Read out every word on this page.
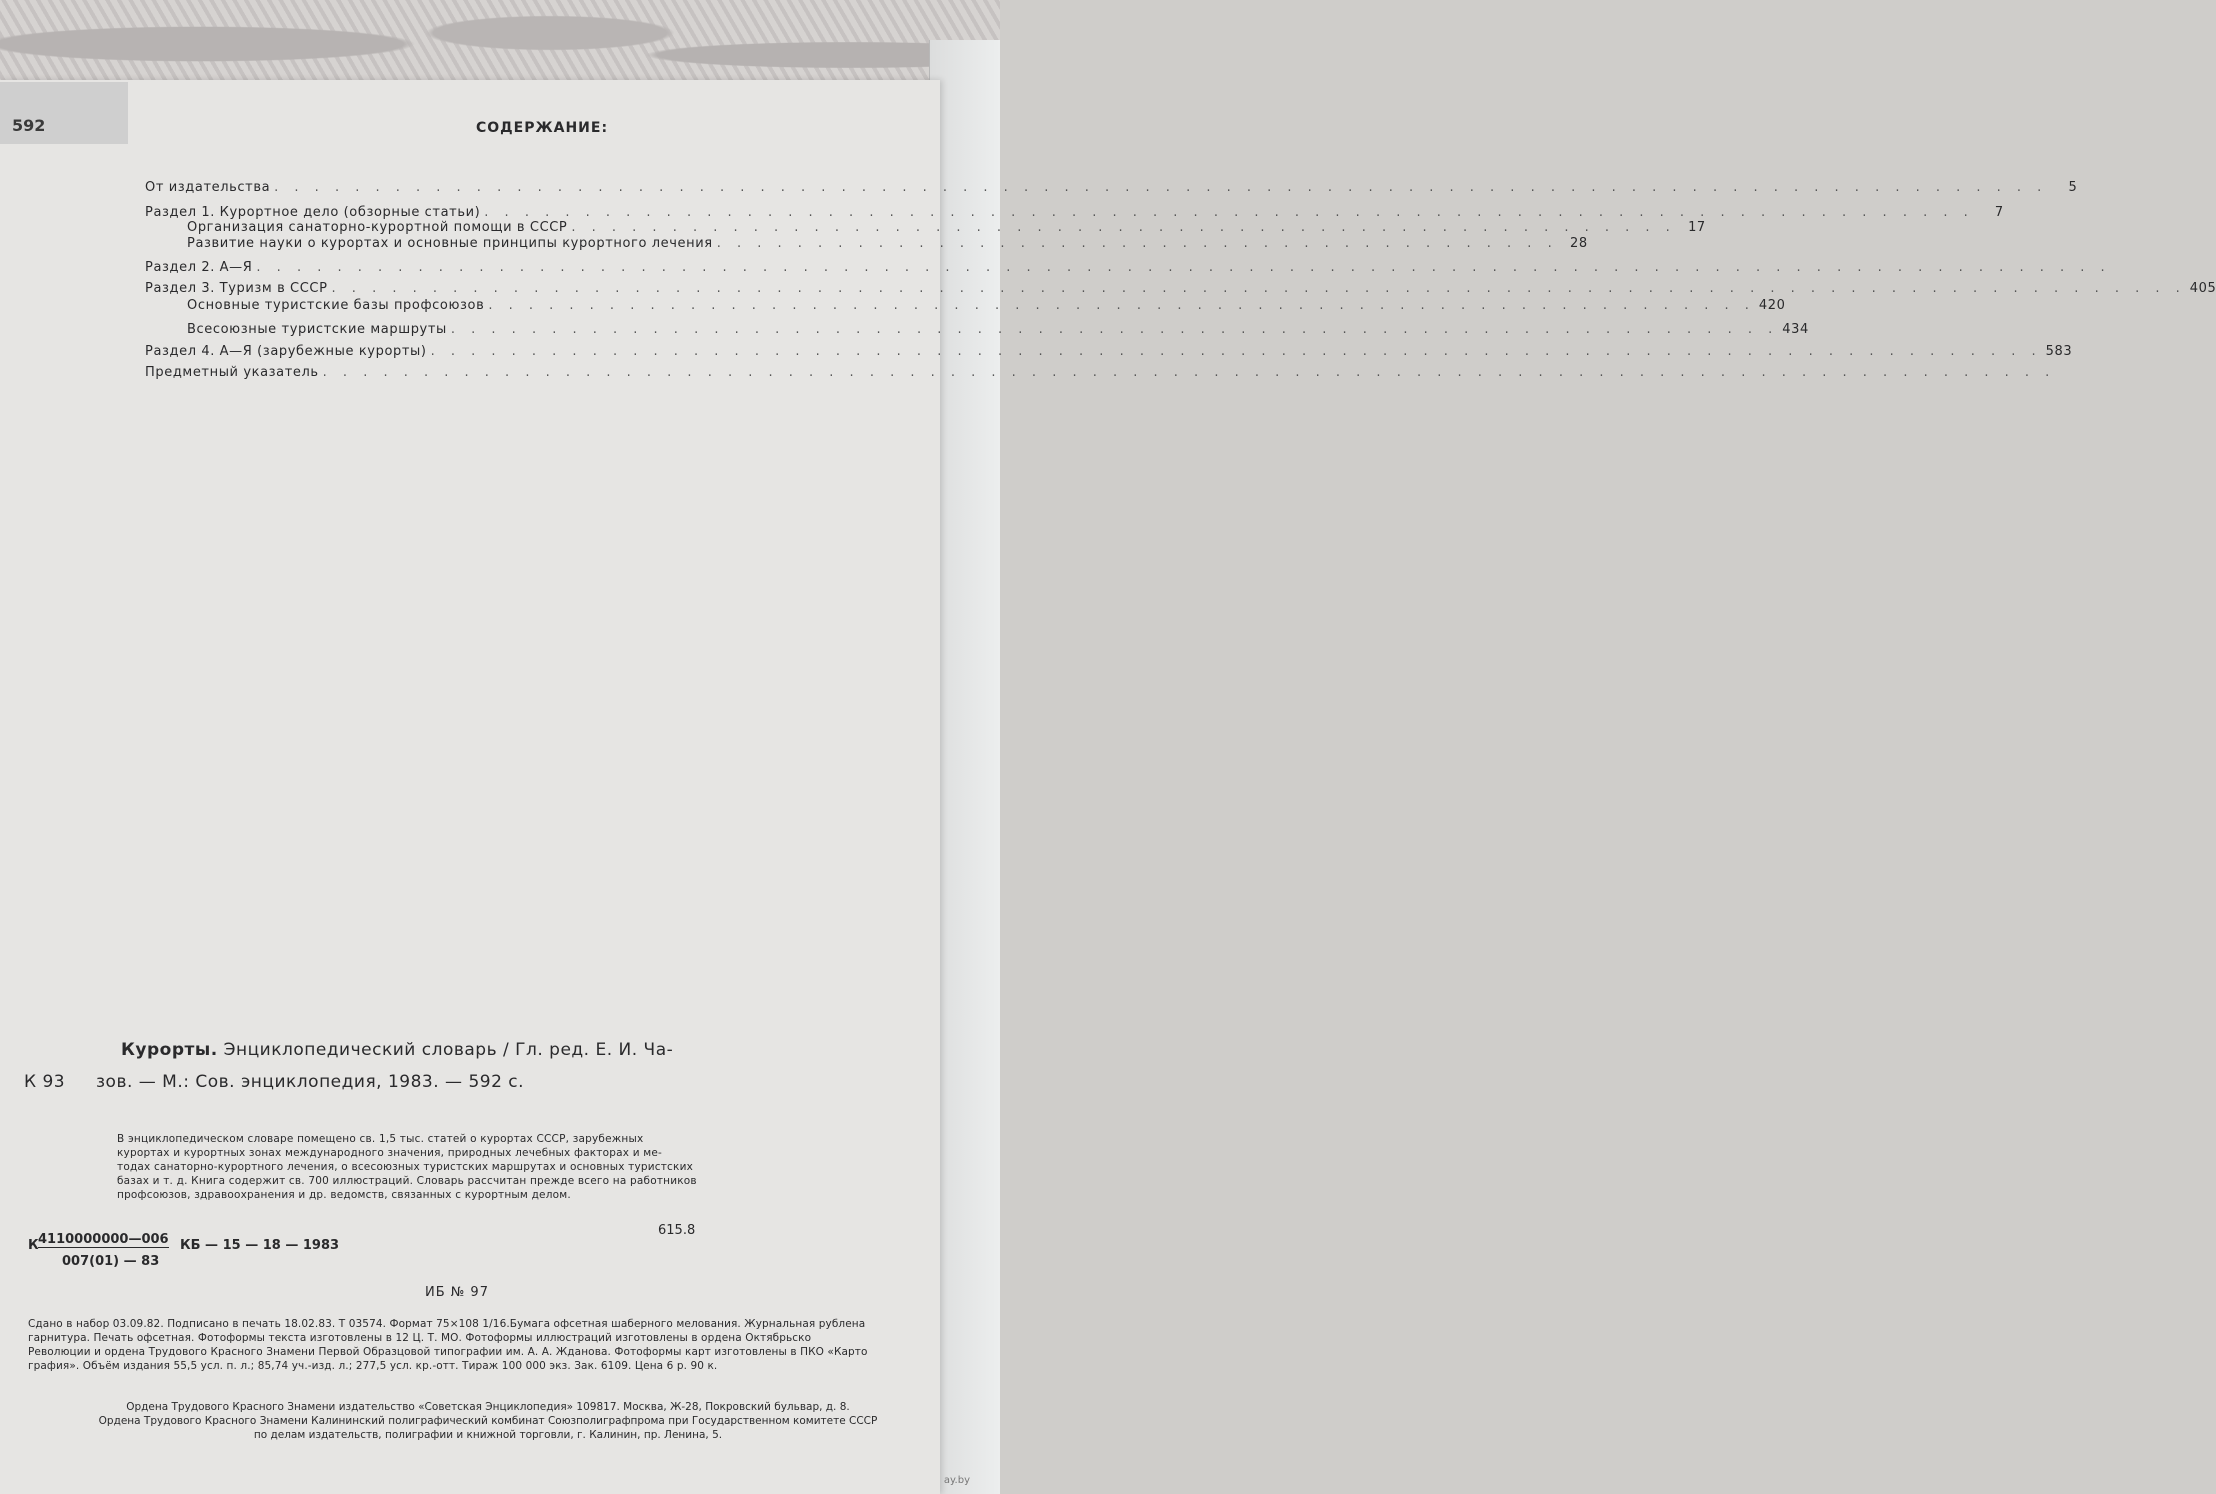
592	СОДЕРЖАНИЕ:
От издательства . . . . . . . . . . . . . . . . . . . . . . . . . . . . . . . . . . . . . . . . . . . . . . . . . . . . . . . . . . . . . . . . . . . . . . . . . . . . . . . . . . . . . . . .	5
Раздел 1. Курортное дело (обзорные статьи) . . . . . . . . . . . . . . . . . . . . . . . . . . . . . . . . . . . . . . . . . . . . . . . . . . . . . . . . . . . . . . . . . . . . . . . . . .	7
Организация санаторно-курортной помощи в СССР . . . . . . . . . . . . . . . . . . . . . . . . . . . . . . . . . . . . . . . . . . . . . . . . . . . . . . . 17
Развитие науки о курортах и основные принципы курортного лечения . . . . . . . . . . . . . . . . . . . . . . . . . . . . . . . . . . . . . . . . . . 28
Раздел 2. А—Я . . . . . . . . . . . . . . . . . . . . . . . . . . . . . . . . . . . . . . . . . . . . . . . . . . . . . . . . . . . . . . . . . . . . . . . . . . . . . . . . . . . . . . . . . . . .
Раздел 3. Туризм в СССР . . . . . . . . . . . . . . . . . . . . . . . . . . . . . . . . . . . . . . . . . . . . . . . . . . . . . . . . . . . . . . . . . . . . . . . . . . . . . . . . . . . . . . . . . . . . 405
Основные туристские базы профсоюзов . . . . . . . . . . . . . . . . . . . . . . . . . . . . . . . . . . . . . . . . . . . . . . . . . . . . . . . . . . . . . . . 420
Всесоюзные туристские маршруты . . . . . . . . . . . . . . . . . . . . . . . . . . . . . . . . . . . . . . . . . . . . . . . . . . . . . . . . . . . . . . . . . . 434
Раздел 4. А—Я (зарубежные курорты) . . . . . . . . . . . . . . . . . . . . . . . . . . . . . . . . . . . . . . . . . . . . . . . . . . . . . . . . . . . . . . . . . . . . . . . . . . . . . . . . 583
Предметный указатель . . . . . . . . . . . . . . . . . . . . . . . . . . . . . . . . . . . . . . . . . . . . . . . . . . . . . . . . . . . . . . . . . . . . . . . . . . . . . . . . . . . . . .
Курорты. Энциклопедический словарь / Гл. ред. Е. И. Ча-
К 93 зов. — М.: Сов. энциклопедия, 1983. — 592 с.
В энциклопедическом словаре помещено св. 1,5 тыс. статей о курортах СССР, зарубежных
курортах и курортных зонах международного значения, природных лечебных факторах и ме-
тодах санаторно-курортного лечения, о всесоюзных туристских маршрутах и основных туристских
базах и т. д. Книга содержит св. 700 иллюстраций. Словарь рассчитан прежде всего на работников
профсоюзов, здравоохранения и др. ведомств, связанных с курортным делом.
615.8
К 4110000000—006
007(01) — 83
КБ — 15 — 18 — 1983
ИБ № 97
Сдано в набор 03.09.82. Подписано в печать 18.02.83. Т 03574. Формат 75×108 1/16.Бумага офсетная шаберного мелования. Журнальная рублена
гарнитура. Печать офсетная. Фотоформы текста изготовлены в 12 Ц. Т. МО. Фотоформы иллюстраций изготовлены в ордена Октябрьско
Революции и ордена Трудового Красного Знамени Первой Образцовой типографии им. А. А. Жданова. Фотоформы карт изготовлены в ПКО «Карто
графия». Объём издания 55,5 усл. п. л.; 85,74 уч.-изд. л.; 277,5 усл. кр.-отт. Тираж 100 000 экз. Зак. 6109. Цена 6 р. 90 к.
Ордена Трудового Красного Знамени издательство «Советская Энциклопедия» 109817. Москва, Ж-28, Покровский бульвар, д. 8.
Ордена Трудового Красного Знамени Калининский полиграфический комбинат Союзполиграфпрома при Государственном комитете СССР
по делам издательств, полиграфии и книжной торговли, г. Калинин, пр. Ленина, 5.
ay.by
